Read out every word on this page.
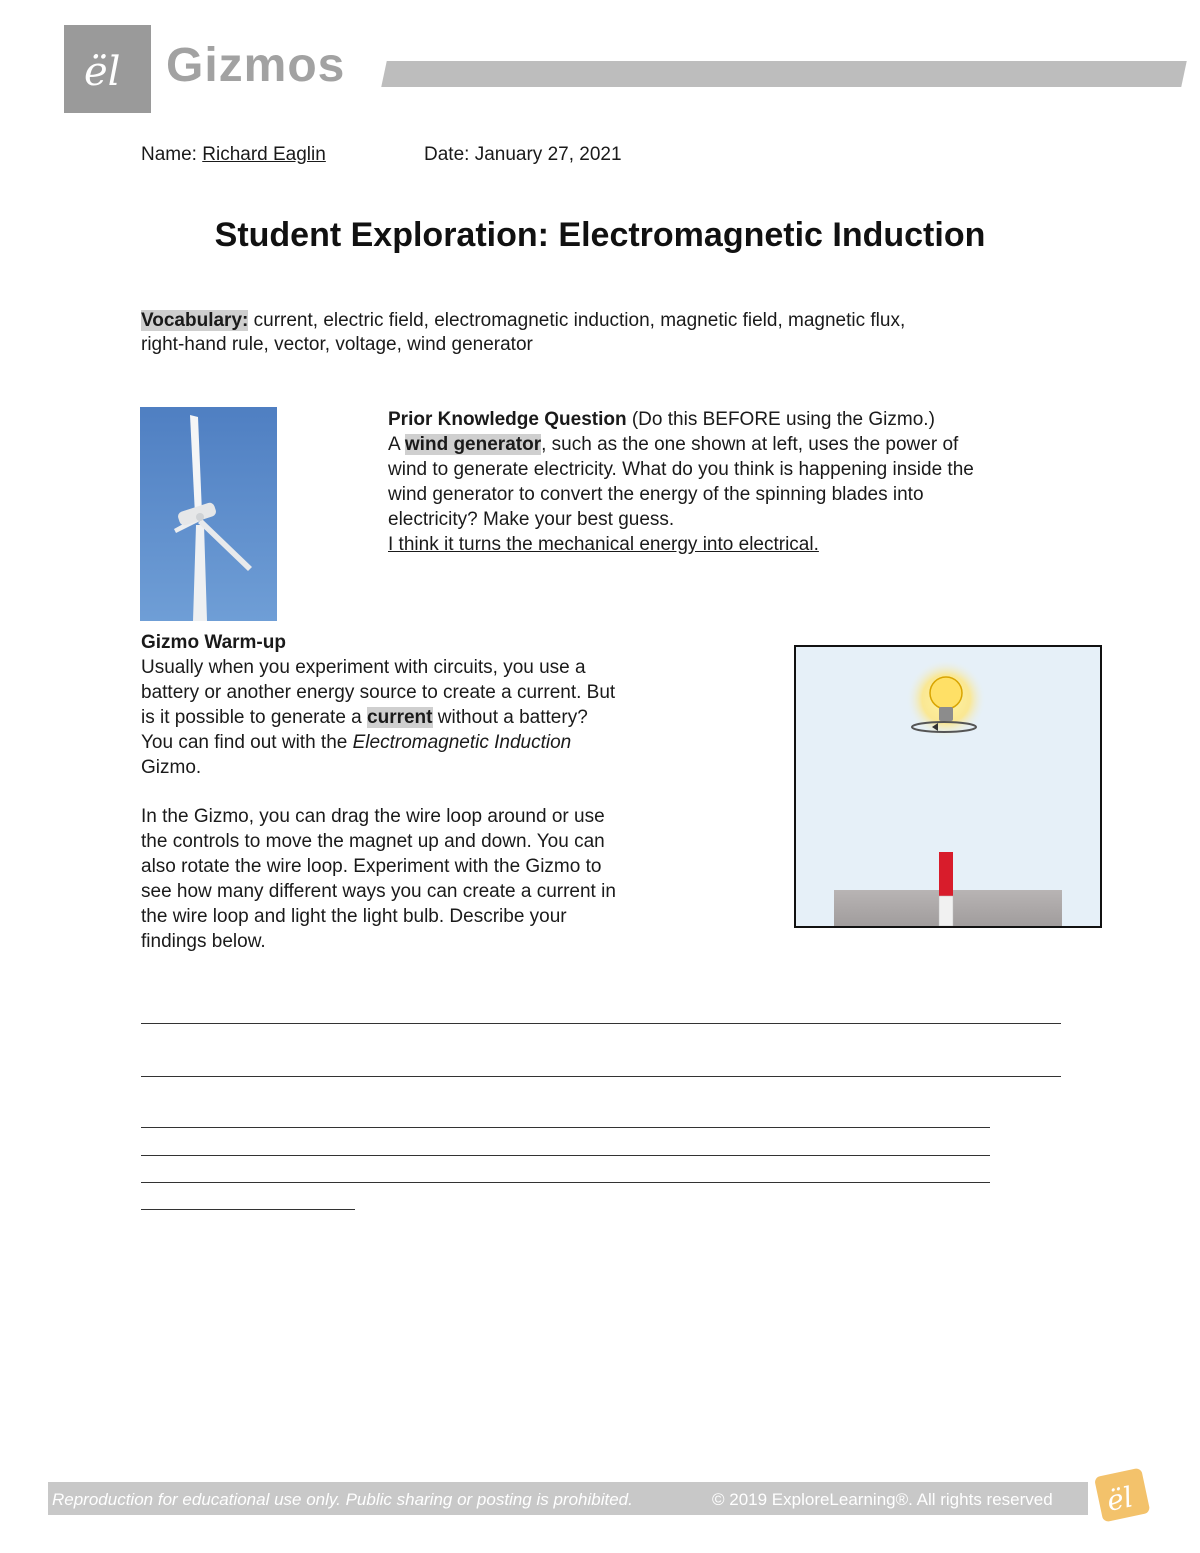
ël Gizmos
Name: Richard Eaglin	Date: January 27, 2021
Student Exploration: Electromagnetic Induction
Vocabulary: current, electric field, electromagnetic induction, magnetic field, magnetic flux,
right-hand rule, vector, voltage, wind generator
Prior Knowledge Question (Do this BEFORE using the Gizmo.)
A wind generator, such as the one shown at left, uses the power of
wind to generate electricity. What do you think is happening inside the
wind generator to convert the energy of the spinning blades into
electricity? Make your best guess.
I think it turns the mechanical energy into electrical.
Gizmo Warm-up
Usually when you experiment with circuits, you use a
battery or another energy source to create a current. But
is it possible to generate a current without a battery?
You can find out with the Electromagnetic Induction
Gizmo.
In the Gizmo, you can drag the wire loop around or use
the controls to move the magnet up and down. You can
also rotate the wire loop. Experiment with the Gizmo to
see how many different ways you can create a current in
the wire loop and light the light bulb. Describe your
findings below.
Reproduction for educational use only. Public sharing or posting is prohibited.	© 2019 ExploreLearning®. All rights reserved ël
